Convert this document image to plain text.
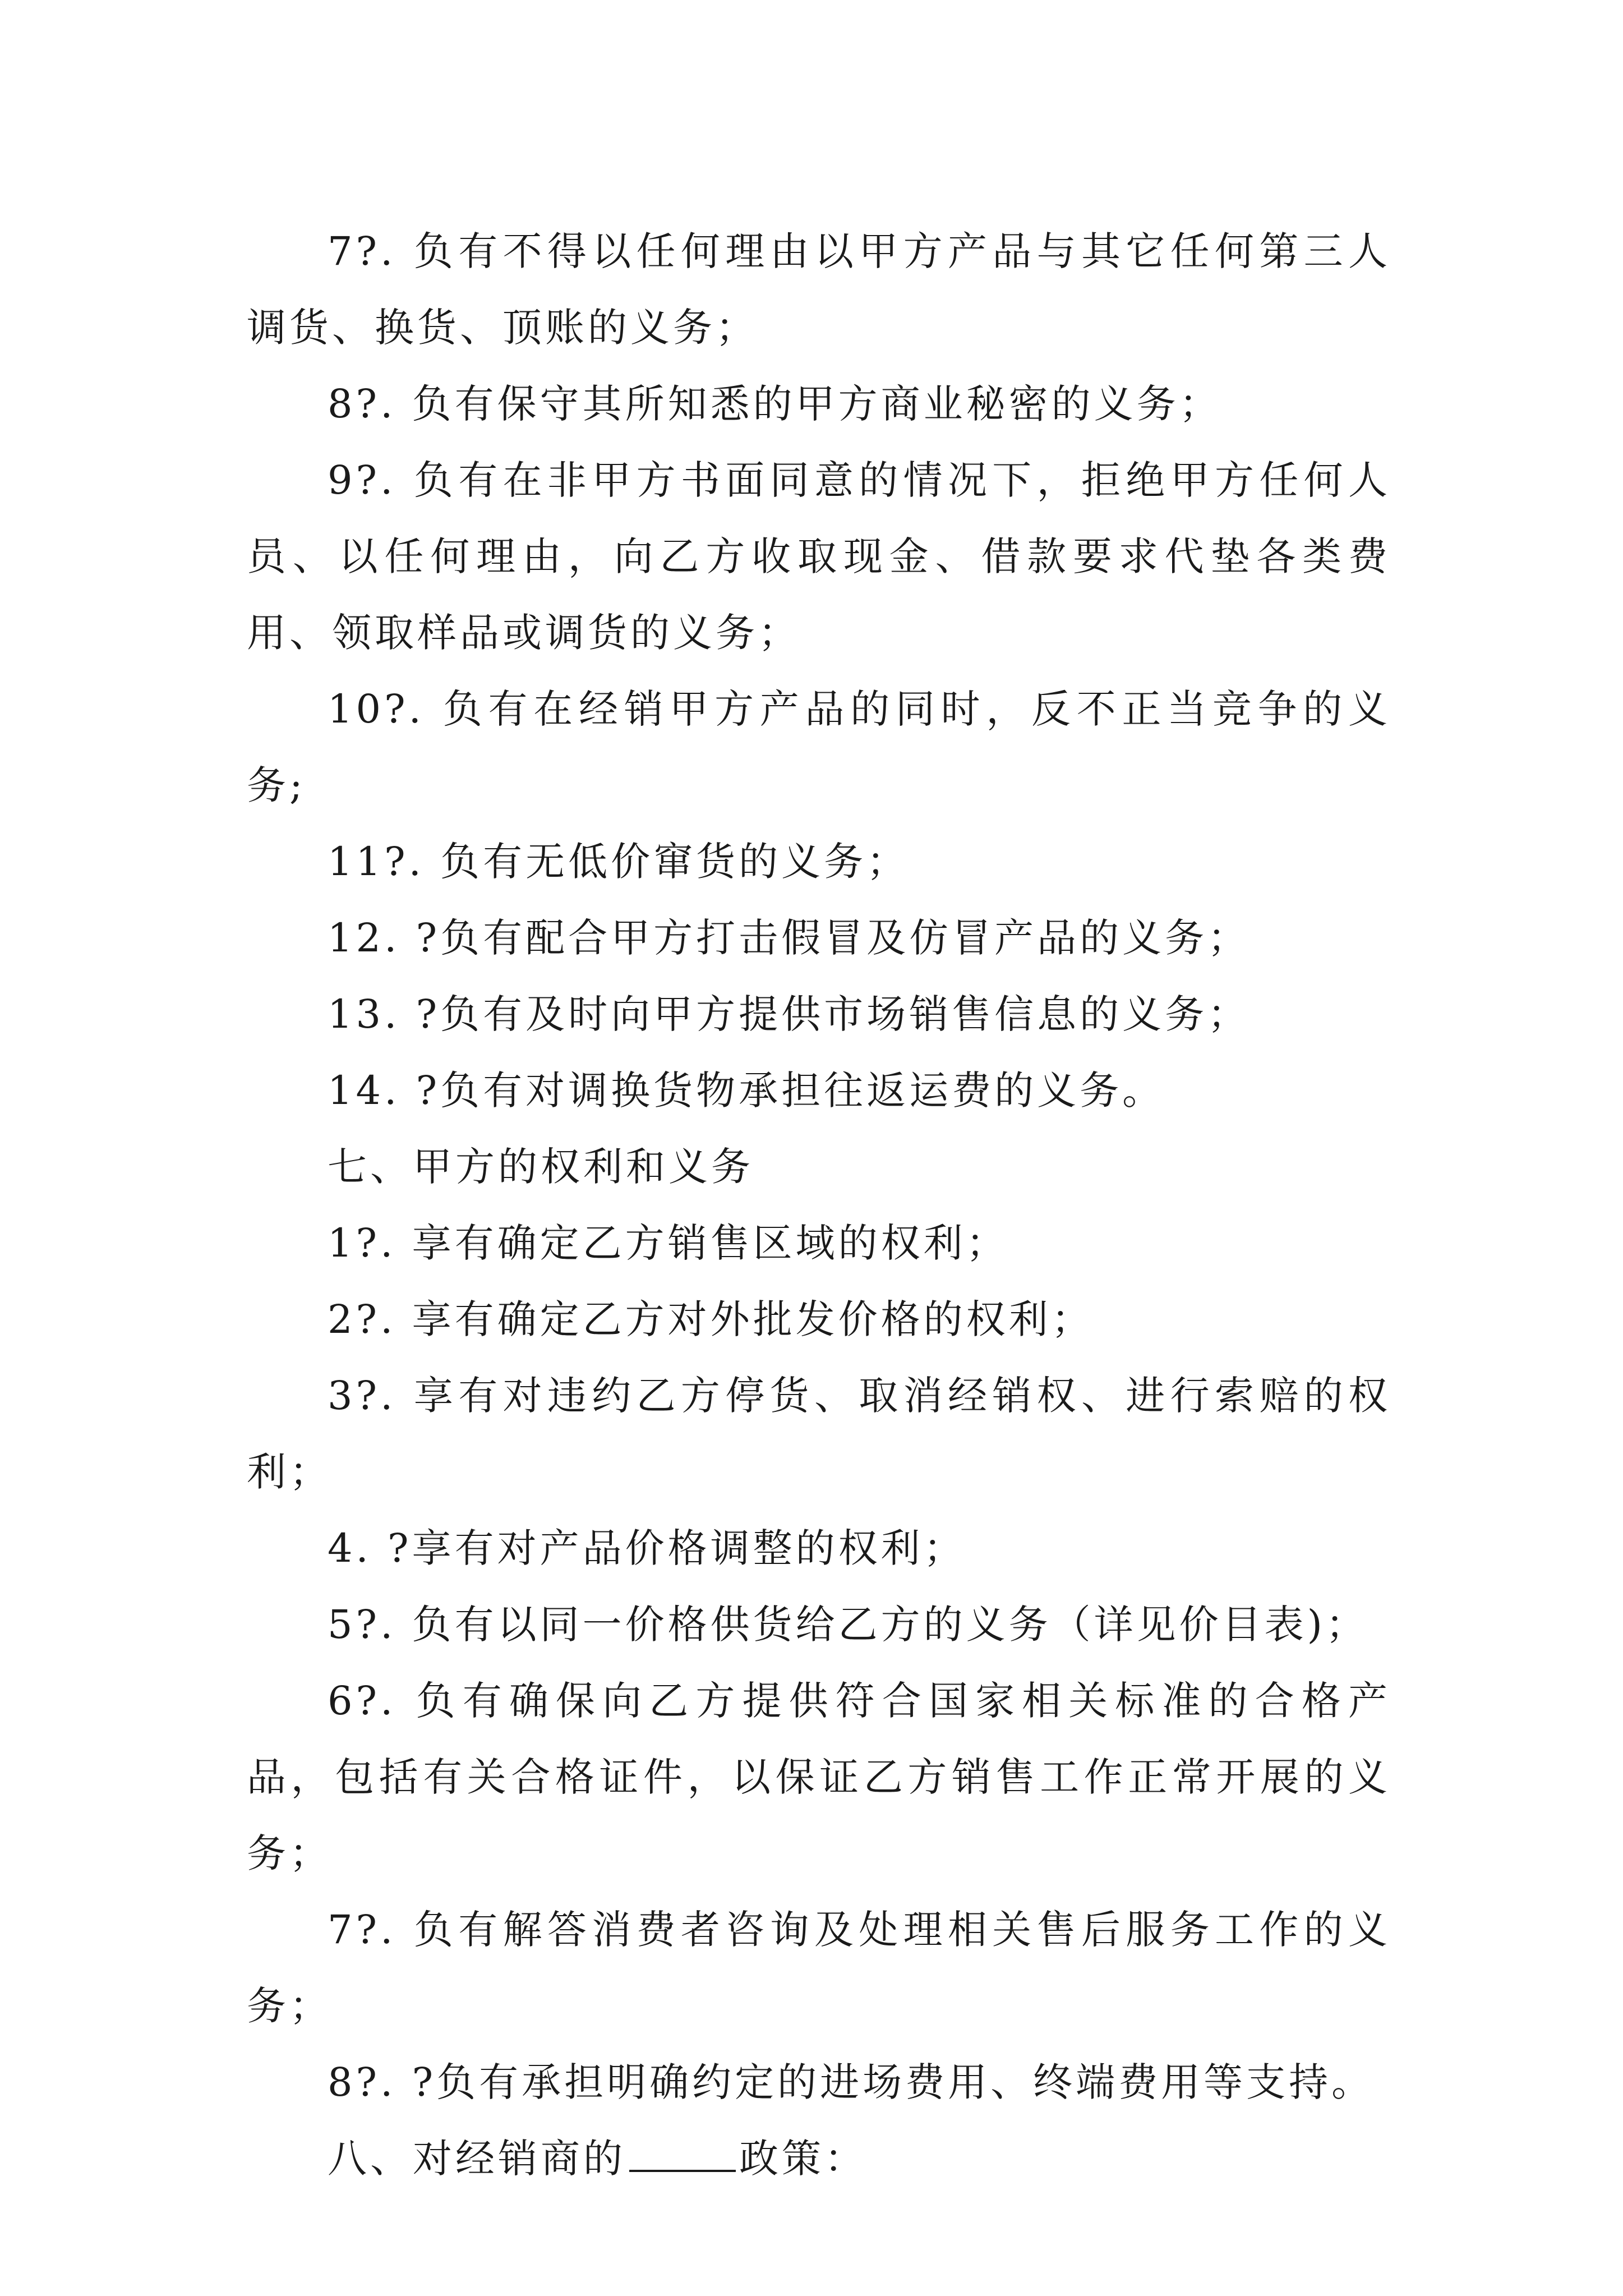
7?. 负有不得以任何理由以甲方产品与其它任何第三人调货、换货、顶账的义务；

8?. 负有保守其所知悉的甲方商业秘密的义务；

9?. 负有在非甲方书面同意的情况下，拒绝甲方任何人员、以任何理由，向乙方收取现金、借款要求代垫各类费用、领取样品或调货的义务；

10?. 负有在经销甲方产品的同时，反不正当竞争的义务;

11?. 负有无低价窜货的义务；

12. ?负有配合甲方打击假冒及仿冒产品的义务；

13. ?负有及时向甲方提供市场销售信息的义务；

14. ?负有对调换货物承担往返运费的义务。

七、甲方的权利和义务

1?. 享有确定乙方销售区域的权利；

2?. 享有确定乙方对外批发价格的权利；

3?. 享有对违约乙方停货、取消经销权、进行索赔的权利；

4. ?享有对产品价格调整的权利；

5?. 负有以同一价格供货给乙方的义务（详见价目表)；

6?. 负有确保向乙方提供符合国家相关标准的合格产品，包括有关合格证件，以保证乙方销售工作正常开展的义务；

7?. 负有解答消费者咨询及处理相关售后服务工作的义务；

8?. ?负有承担明确约定的进场费用、终端费用等支持。

八、对经销商的	政策：
